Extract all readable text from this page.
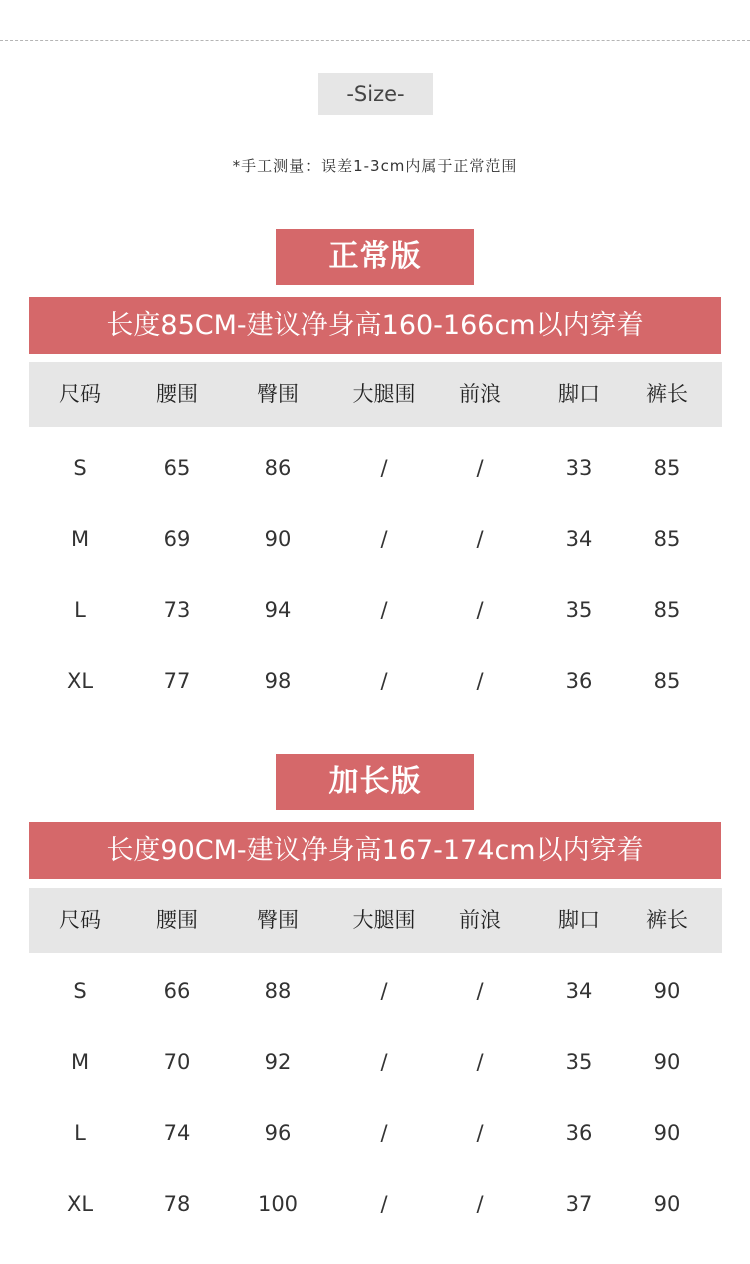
-Size-
*手工测量：误差1-3cm内属于正常范围
正常版
长度85CM-建议净身高160-166cm以内穿着
尺码	腰围	臀围	大腿围	前浪	脚口	裤长
S	65	86	/	/	33	85
M	69	90	/	/	34	85
L	73	94	/	/	35	85
XL	77	98	/	/	36	85
加长版
长度90CM-建议净身高167-174cm以内穿着
尺码	腰围	臀围	大腿围	前浪	脚口	裤长
S	66	88	/	/	34	90
M	70	92	/	/	35	90
L	74	96	/	/	36	90
XL	78	100	/	/	37	90
